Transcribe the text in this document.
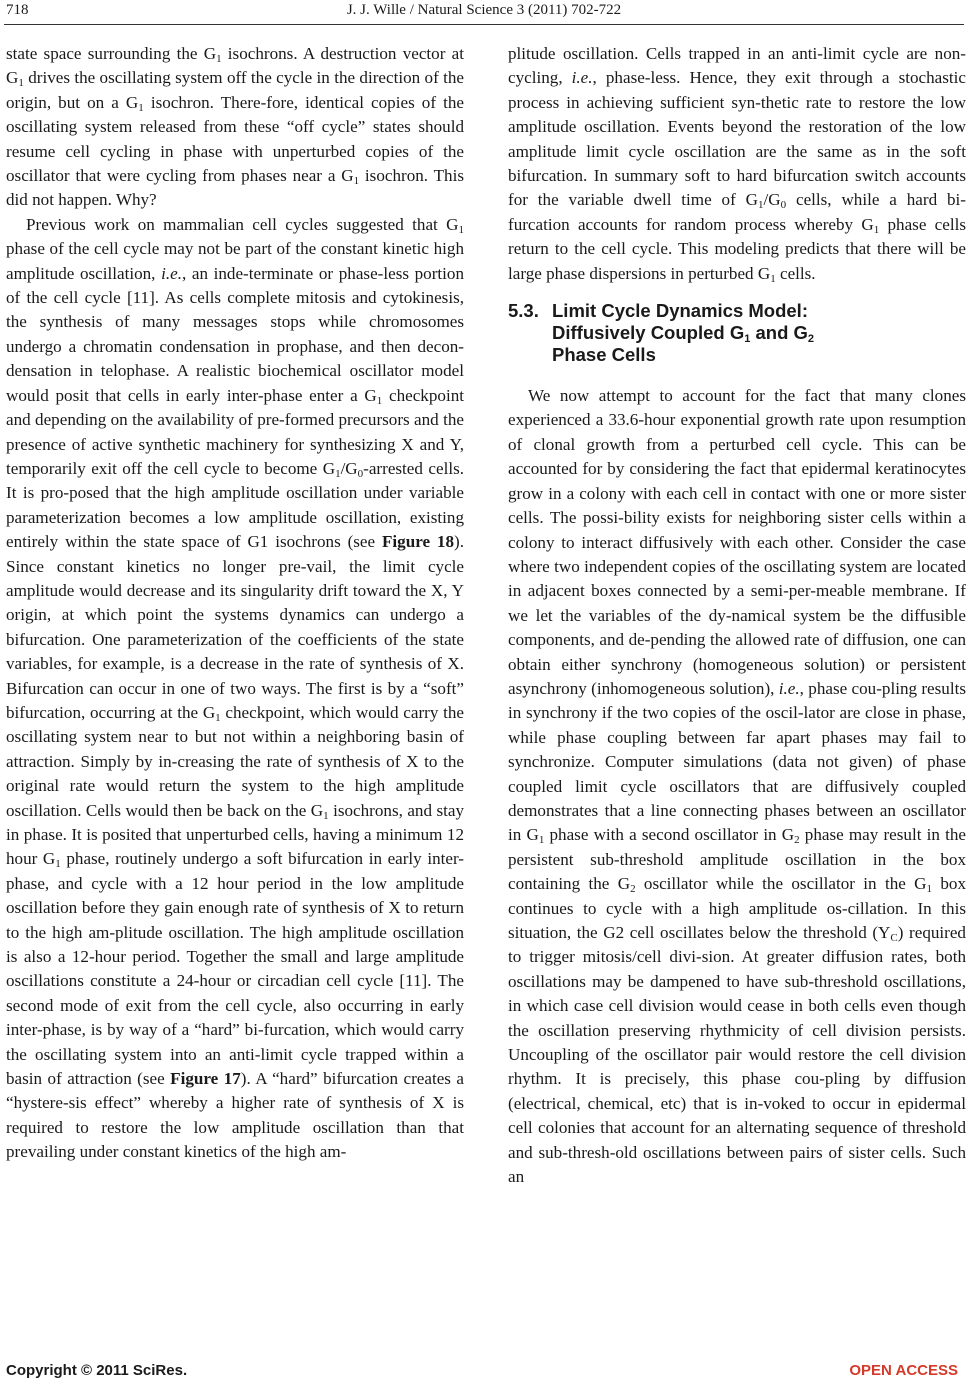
718	J. J. Wille / Natural Science 3 (2011) 702-722

state space surrounding the $G_1$ isochrons. A destruction vector at $G_1$ drives the oscillating system off the cycle in the direction of the origin, but on a $G_1$ isochron. There-fore, identical copies of the oscillating system released from these “off cycle” states should resume cell cycling in phase with unperturbed copies of the oscillator that were cycling from phases near a $G_1$ isochron. This did not happen. Why?

Previous work on mammalian cell cycles suggested that $G_1$ phase of the cell cycle may not be part of the constant kinetic high amplitude oscillation, i.e., an inde-terminate or phase-less portion of the cell cycle [11]. As cells complete mitosis and cytokinesis, the synthesis of many messages stops while chromosomes undergo a chromatin condensation in prophase, and then decon-densation in telophase. A realistic biochemical oscillator model would posit that cells in early inter-phase enter a $G_1$ checkpoint and depending on the availability of pre-formed precursors and the presence of active synthetic machinery for synthesizing X and Y, temporarily exit off the cell cycle to become $G_1/G_0$-arrested cells. It is pro-posed that the high amplitude oscillation under variable parameterization becomes a low amplitude oscillation, existing entirely within the state space of G1 isochrons (see Figure 18). Since constant kinetics no longer pre-vail, the limit cycle amplitude would decrease and its singularity drift toward the X, Y origin, at which point the systems dynamics can undergo a bifurcation. One parameterization of the coefficients of the state variables, for example, is a decrease in the rate of synthesis of X. Bifurcation can occur in one of two ways. The first is by a “soft” bifurcation, occurring at the $G_1$ checkpoint, which would carry the oscillating system near to but not within a neighboring basin of attraction. Simply by in-creasing the rate of synthesis of X to the original rate would return the system to the high amplitude oscillation. Cells would then be back on the $G_1$ isochrons, and stay in phase. It is posited that unperturbed cells, having a minimum 12 hour $G_1$ phase, routinely undergo a soft bifurcation in early inter-phase, and cycle with a 12 hour period in the low amplitude oscillation before they gain enough rate of synthesis of X to return to the high am-plitude oscillation. The high amplitude oscillation is also a 12-hour period. Together the small and large amplitude oscillations constitute a 24-hour or circadian cell cycle [11]. The second mode of exit from the cell cycle, also occurring in early inter-phase, is by way of a “hard” bi-furcation, which would carry the oscillating system into an anti-limit cycle trapped within a basin of attraction (see Figure 17). A “hard” bifurcation creates a “hystere-sis effect” whereby a higher rate of synthesis of X is required to restore the low amplitude oscillation than that prevailing under constant kinetics of the high am-

plitude oscillation. Cells trapped in an anti-limit cycle are non-cycling, i.e., phase-less. Hence, they exit through a stochastic process in achieving sufficient syn-thetic rate to restore the low amplitude oscillation. Events beyond the restoration of the low amplitude limit cycle oscillation are the same as in the soft bifurcation. In summary soft to hard bifurcation switch accounts for the variable dwell time of $G_1/G_0$ cells, while a hard bi-furcation accounts for random process whereby $G_1$ phase cells return to the cell cycle. This modeling predicts that there will be large phase dispersions in perturbed $G_1$ cells.

5.3. Limit Cycle Dynamics Model:
Diffusively Coupled $G_1$ and $G_2$
Phase Cells

We now attempt to account for the fact that many clones experienced a 33.6-hour exponential growth rate upon resumption of clonal growth from a perturbed cell cycle. This can be accounted for by considering the fact that epidermal keratinocytes grow in a colony with each cell in contact with one or more sister cells. The possi-bility exists for neighboring sister cells within a colony to interact diffusively with each other. Consider the case where two independent copies of the oscillating system are located in adjacent boxes connected by a semi-per-meable membrane. If we let the variables of the dy-namical system be the diffusible components, and de-pending the allowed rate of diffusion, one can obtain either synchrony (homogeneous solution) or persistent asynchrony (inhomogeneous solution), i.e., phase cou-pling results in synchrony if the two copies of the oscil-lator are close in phase, while phase coupling between far apart phases may fail to synchronize. Computer simulations (data not given) of phase coupled limit cycle oscillators that are diffusively coupled demonstrates that a line connecting phases between an oscillator in $G_1$ phase with a second oscillator in $G_2$ phase may result in the persistent sub-threshold amplitude oscillation in the box containing the $G_2$ oscillator while the oscillator in the $G_1$ box continues to cycle with a high amplitude os-cillation. In this situation, the G2 cell oscillates below the threshold $(Y_C)$ required to trigger mitosis/cell divi-sion. At greater diffusion rates, both oscillations may be dampened to have sub-threshold oscillations, in which case cell division would cease in both cells even though the oscillation preserving rhythmicity of cell division persists. Uncoupling of the oscillator pair would restore the cell division rhythm. It is precisely, this phase cou-pling by diffusion (electrical, chemical, etc) that is in-voked to occur in epidermal cell colonies that account for an alternating sequence of threshold and sub-thresh-old oscillations between pairs of sister cells. Such an

Copyright © 2011 SciRes.	OPEN ACCESS
